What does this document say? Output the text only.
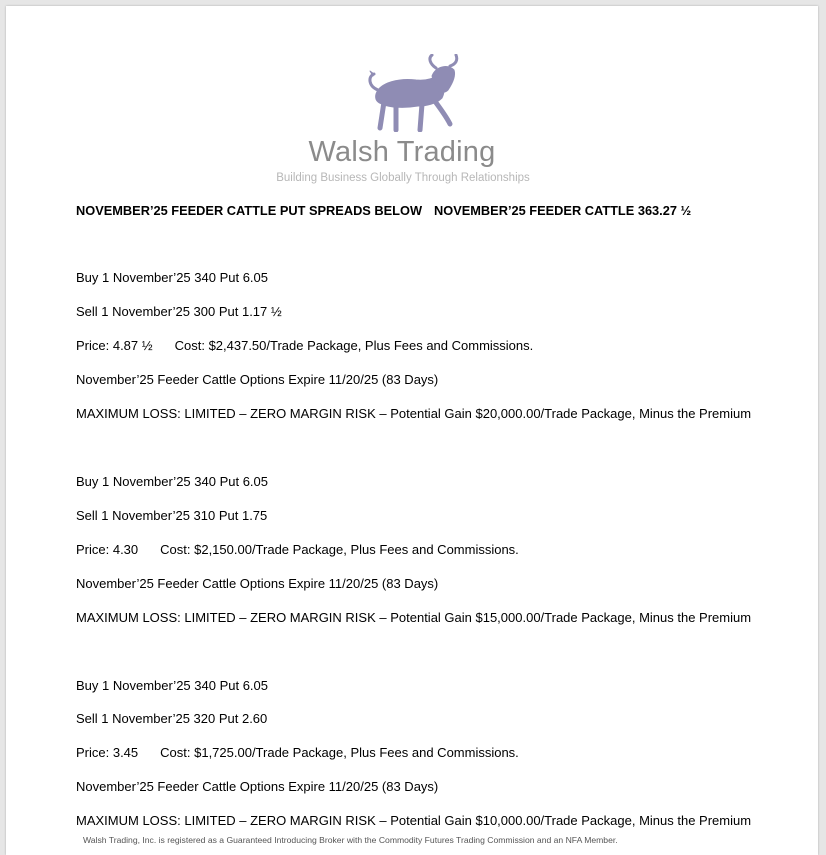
Walsh Trading
Building Business Globally Through Relationships
NOVEMBER’25 FEEDER CATTLE PUT SPREADS BELOW NOVEMBER’25 FEEDER CATTLE 363.27 ½
Buy 1 November’25 340 Put 6.05
Sell 1 November’25 300 Put 1.17 ½
Price: 4.87 ½ Cost: $2,437.50/Trade Package, Plus Fees and Commissions.
November’25 Feeder Cattle Options Expire 11/20/25 (83 Days)
MAXIMUM LOSS: LIMITED – ZERO MARGIN RISK – Potential Gain $20,000.00/Trade Package, Minus the Premium
Buy 1 November’25 340 Put 6.05
Sell 1 November’25 310 Put 1.75
Price: 4.30 Cost: $2,150.00/Trade Package, Plus Fees and Commissions.
November’25 Feeder Cattle Options Expire 11/20/25 (83 Days)
MAXIMUM LOSS: LIMITED – ZERO MARGIN RISK – Potential Gain $15,000.00/Trade Package, Minus the Premium
Buy 1 November’25 340 Put 6.05
Sell 1 November’25 320 Put 2.60
Price: 3.45 Cost: $1,725.00/Trade Package, Plus Fees and Commissions.
November’25 Feeder Cattle Options Expire 11/20/25 (83 Days)
MAXIMUM LOSS: LIMITED – ZERO MARGIN RISK – Potential Gain $10,000.00/Trade Package, Minus the Premium
Walsh Trading, Inc. is registered as a Guaranteed Introducing Broker with the Commodity Futures Trading Commission and an NFA Member.
